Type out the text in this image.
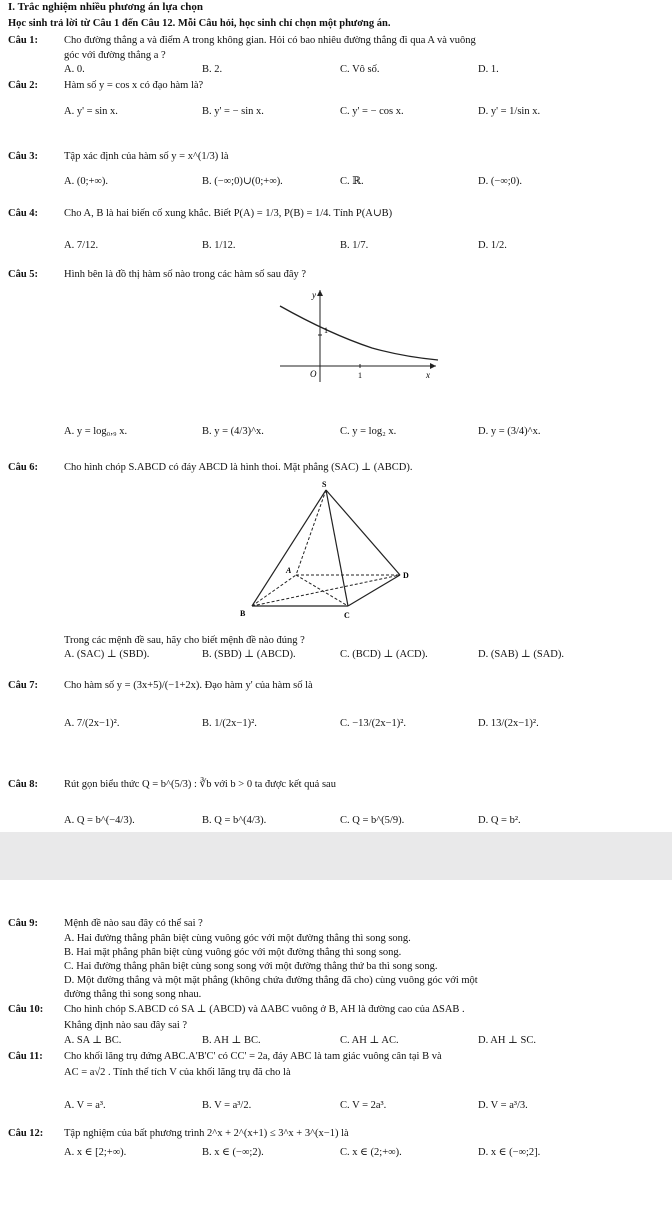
I. Trắc nghiệm nhiều phương án lựa chọn
Học sinh trả lời từ Câu 1 đến Câu 12. Mỗi Câu hỏi, học sinh chỉ chọn một phương án.
Câu 1: Cho đường thẳng a và điểm A trong không gian. Hỏi có bao nhiêu đường thẳng đi qua A và vuông
góc với đường thẳng a ?
A. 0.	B. 2.	C. Vô số.	D. 1.
Câu 2: Hàm số y = cos x có đạo hàm là?
A. y' = sin x.	B. y' = − sin x.	C. y' = − cos x.	D. y' = 1/sin x.
Câu 3: Tập xác định của hàm số y = x^(1/3) là
A. (0;+∞).	B. (−∞;0)∪(0;+∞).	C. ℝ.	D. (−∞;0).
Câu 4: Cho A, B là hai biến cố xung khắc. Biết P(A) = 1/3, P(B) = 1/4. Tính P(A∪B)
A. 7/12.	B. 1/12.	B. 1/7.	D. 1/2.
Câu 5: Hình bên là đồ thị hàm số nào trong các hàm số sau đây ?
y
x
O	1
1
A. y = log₀,₉ x.	B. y = (4/3)^x.	C. y = log₂ x.	D. y = (3/4)^x.
Câu 6: Cho hình chóp S.ABCD có đáy ABCD là hình thoi. Mặt phẳng (SAC) ⊥ (ABCD).
S
A
B	C
D
Trong các mệnh đề sau, hãy cho biết mệnh đề nào đúng ?
A. (SAC) ⊥ (SBD).	B. (SBD) ⊥ (ABCD).	C. (BCD) ⊥ (ACD).	D. (SAB) ⊥ (SAD).
Câu 7: Cho hàm số y = (3x+5)/(−1+2x). Đạo hàm y' của hàm số là
A. 7/(2x−1)².	B. 1/(2x−1)².	C. −13/(2x−1)².	D. 13/(2x−1)².
Câu 8: Rút gọn biểu thức Q = b^(5/3) : ∛b với b > 0 ta được kết quả sau
A. Q = b^(−4/3).	B. Q = b^(4/3).	C. Q = b^(5/9).	D. Q = b².
Câu 9: Mệnh đề nào sau đây có thể sai ?
A. Hai đường thẳng phân biệt cùng vuông góc với một đường thẳng thì song song.
B. Hai mặt phẳng phân biệt cùng vuông góc với một đường thẳng thì song song.
C. Hai đường thẳng phân biệt cùng song song với một đường thẳng thứ ba thì song song.
D. Một đường thẳng và một mặt phẳng (không chứa đường thẳng đã cho) cùng vuông góc với một
đường thẳng thì song song nhau.
Câu 10: Cho hình chóp S.ABCD có SA ⊥ (ABCD) và ΔABC vuông ở B, AH là đường cao của ΔSAB .
Khẳng định nào sau đây sai ?
A. SA ⊥ BC.	B. AH ⊥ BC.	C. AH ⊥ AC.	D. AH ⊥ SC.
Câu 11: Cho khối lăng trụ đứng ABC.A'B'C' có CC' = 2a, đáy ABC là tam giác vuông cân tại B và
AC = a√2 . Tính thể tích V của khối lăng trụ đã cho là
A. V = a³.	B. V = a³/2.	C. V = 2a³.	D. V = a³/3.
Câu 12: Tập nghiệm của bất phương trình 2^x + 2^(x+1) ≤ 3^x + 3^(x−1) là
A. x ∈ [2;+∞).	B. x ∈ (−∞;2).	C. x ∈ (2;+∞).	D. x ∈ (−∞;2].
